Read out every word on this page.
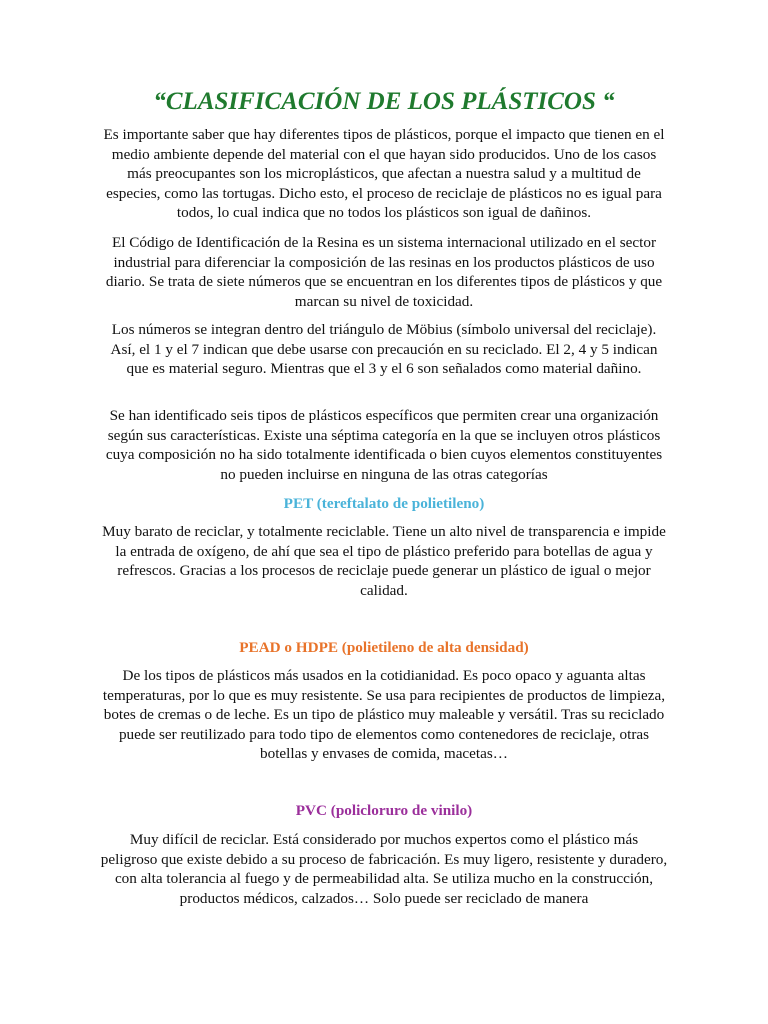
“CLASIFICACIÓN DE LOS PLÁSTICOS “

Es importante saber que hay diferentes tipos de plásticos, porque el impacto que tienen en el medio ambiente depende del material con el que hayan sido producidos. Uno de los casos más preocupantes son los microplásticos, que afectan a nuestra salud y a multitud de especies, como las tortugas. Dicho esto, el proceso de reciclaje de plásticos no es igual para todos, lo cual indica que no todos los plásticos son igual de dañinos.

El Código de Identificación de la Resina es un sistema internacional utilizado en el sector industrial para diferenciar la composición de las resinas en los productos plásticos de uso diario. Se trata de siete números que se encuentran en los diferentes tipos de plásticos y que marcan su nivel de toxicidad.

Los números se integran dentro del triángulo de Möbius (símbolo universal del reciclaje). Así, el 1 y el 7 indican que debe usarse con precaución en su reciclado. El 2, 4 y 5 indican que es material seguro. Mientras que el 3 y el 6 son señalados como material dañino.

Se han identificado seis tipos de plásticos específicos que permiten crear una organización según sus características. Existe una séptima categoría en la que se incluyen otros plásticos cuya composición no ha sido totalmente identificada o bien cuyos elementos constituyentes no pueden incluirse en ninguna de las otras categorías

PET (tereftalato de polietileno)

Muy barato de reciclar, y totalmente reciclable. Tiene un alto nivel de transparencia e impide la entrada de oxígeno, de ahí que sea el tipo de plástico preferido para botellas de agua y refrescos. Gracias a los procesos de reciclaje puede generar un plástico de igual o mejor calidad.

PEAD o HDPE (polietileno de alta densidad)

De los tipos de plásticos más usados en la cotidianidad. Es poco opaco y aguanta altas temperaturas, por lo que es muy resistente. Se usa para recipientes de productos de limpieza, botes de cremas o de leche. Es un tipo de plástico muy maleable y versátil. Tras su reciclado puede ser reutilizado para todo tipo de elementos como contenedores de reciclaje, otras botellas y envases de comida, macetas…

PVC (policloruro de vinilo)

Muy difícil de reciclar. Está considerado por muchos expertos como el plástico más peligroso que existe debido a su proceso de fabricación. Es muy ligero, resistente y duradero, con alta tolerancia al fuego y de permeabilidad alta. Se utiliza mucho en la construcción, productos médicos, calzados… Solo puede ser reciclado de manera
